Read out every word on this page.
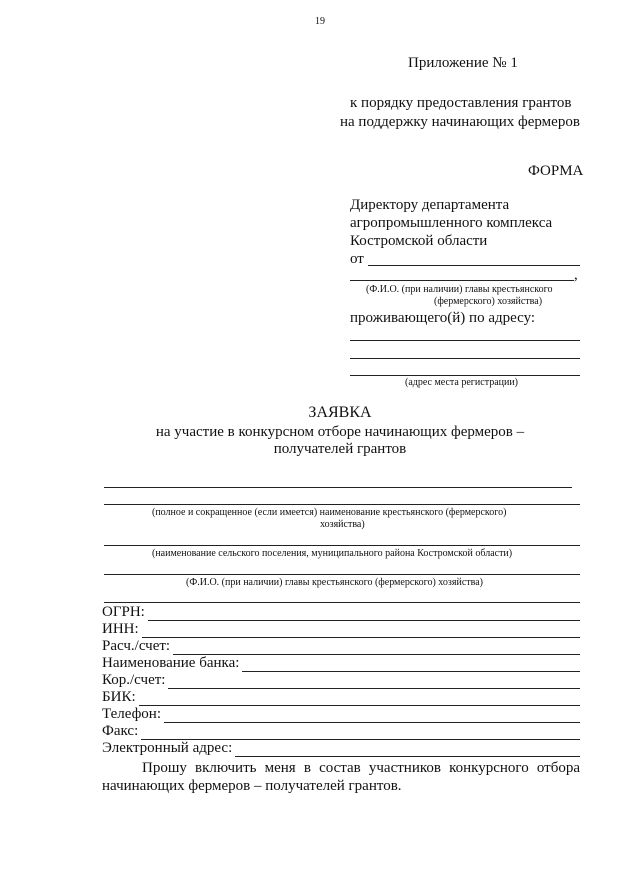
19
Приложение № 1
к порядку предоставления грантов
на поддержку начинающих фермеров
ФОРМА
Директору департамента
агропромышленного комплекса
Костромской области
от
,
(Ф.И.О. (при наличии) главы крестьянского
(фермерского) хозяйства)
проживающего(й) по адресу:
(адрес места регистрации)
ЗАЯВКА
на участие в конкурсном отборе начинающих фермеров –
получателей грантов
(полное и сокращенное (если имеется) наименование крестьянского (фермерского)
хозяйства)
(наименование сельского поселения, муниципального района Костромской области)
(Ф.И.О. (при наличии) главы крестьянского (фермерского) хозяйства)
ОГРН:
ИНН:
Расч./счет:
Наименование банка:
Кор./счет:
БИК:
Телефон:
Факс:
Электронный адрес:
Прошу включить меня в состав участников конкурсного отбора
начинающих фермеров – получателей грантов.
